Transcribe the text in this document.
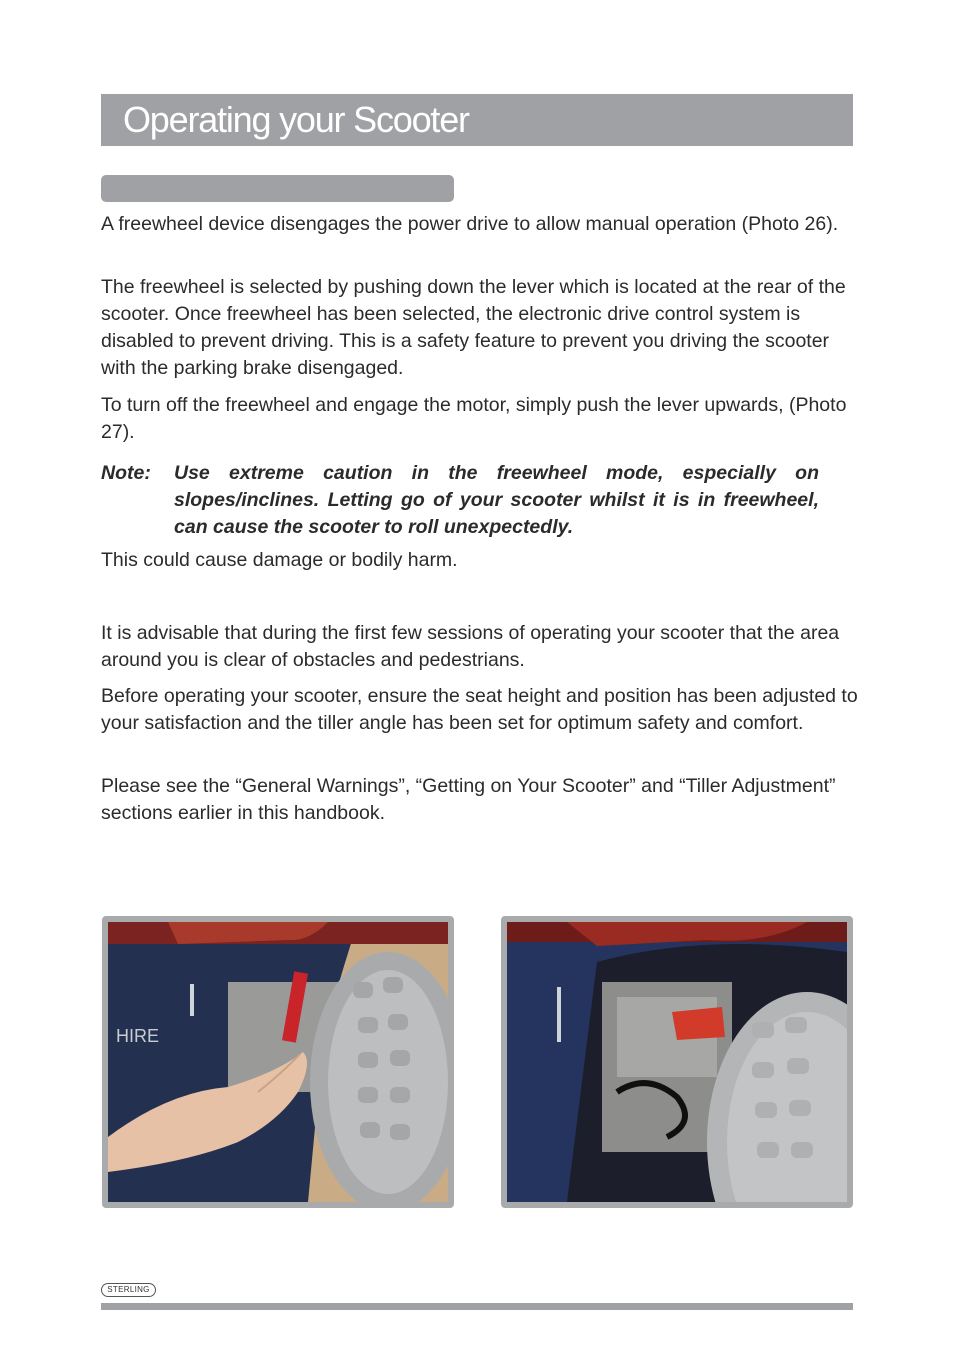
Operating your Scooter

A freewheel device disengages the power drive to allow manual operation (Photo 26).

The freewheel is selected by pushing down the lever which is located at the rear of the scooter. Once freewheel has been selected, the electronic drive control system is disabled to prevent driving. This is a safety feature to prevent you driving the scooter with the parking brake disengaged.

To turn off the freewheel and engage the motor, simply push the lever upwards, (Photo 27).

Note: Use extreme caution in the freewheel mode, especially on slopes/inclines. Letting go of your scooter whilst it is in freewheel, can cause the scooter to roll unexpectedly.

This could cause damage or bodily harm.

It is advisable that during the first few sessions of operating your scooter that the area around you is clear of obstacles and pedestrians.

Before operating your scooter, ensure the seat height and position has been adjusted to your satisfaction and the tiller angle has been set for optimum safety and comfort.

Please see the “General Warnings”, “Getting on Your Scooter” and “Tiller Adjustment” sections earlier in this handbook.

HIRE
STERLING
